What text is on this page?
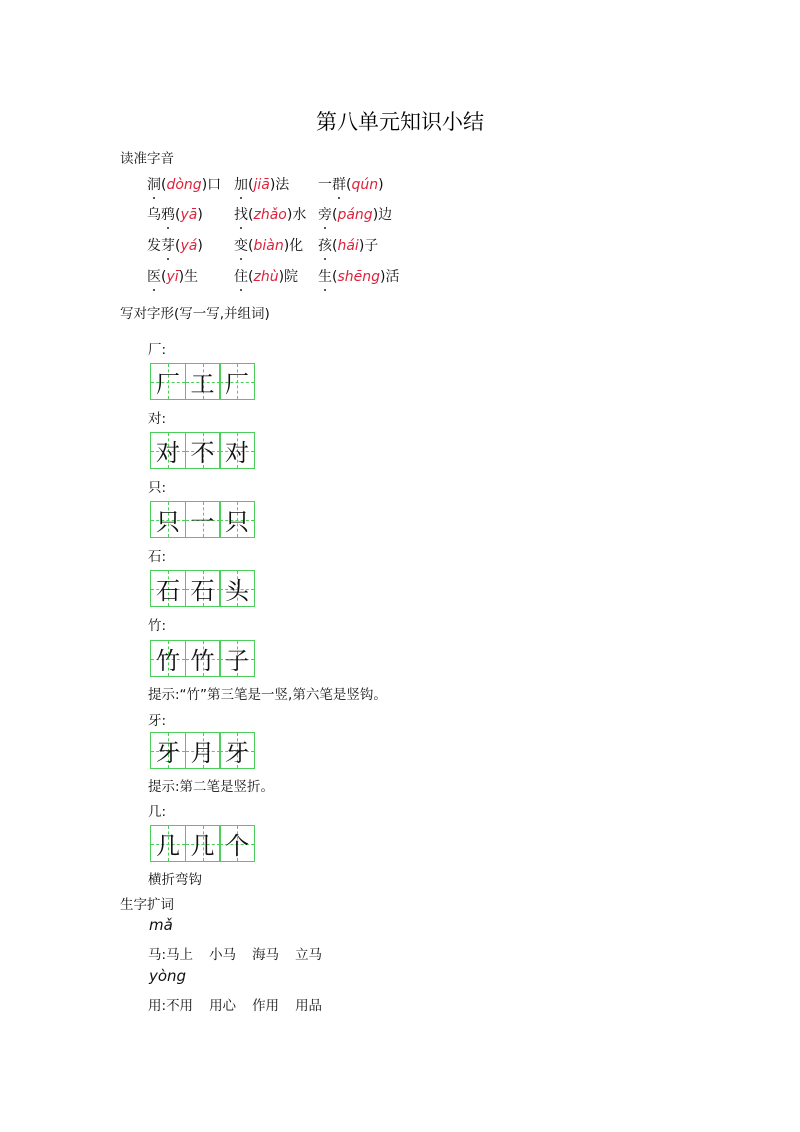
第八单元知识小结
读准字音
洞(dòng)口 加(jiā)法 一群(qún)
乌鸦(yā) 找(zhǎo)水 旁(páng)边
发芽(yá) 变(biàn)化 孩(hái)子
医(yī)生	住(zhù)院 生(shēng)活
写对字形(写一写,并组词)
厂:
厂 工 厂
对:
对 不 对
只:
只 一 只
石:
石 石 头
竹:
竹 竹 子
提示:“竹”第三笔是一竖,第六笔是竖钩。
牙:
牙 月 牙
提示:第二笔是竖折。
几:
几 几 个
横折弯钩
生字扩词
mǎ
马:马上 小马 海马 立马
yòng
用:不用 用心 作用 用品
